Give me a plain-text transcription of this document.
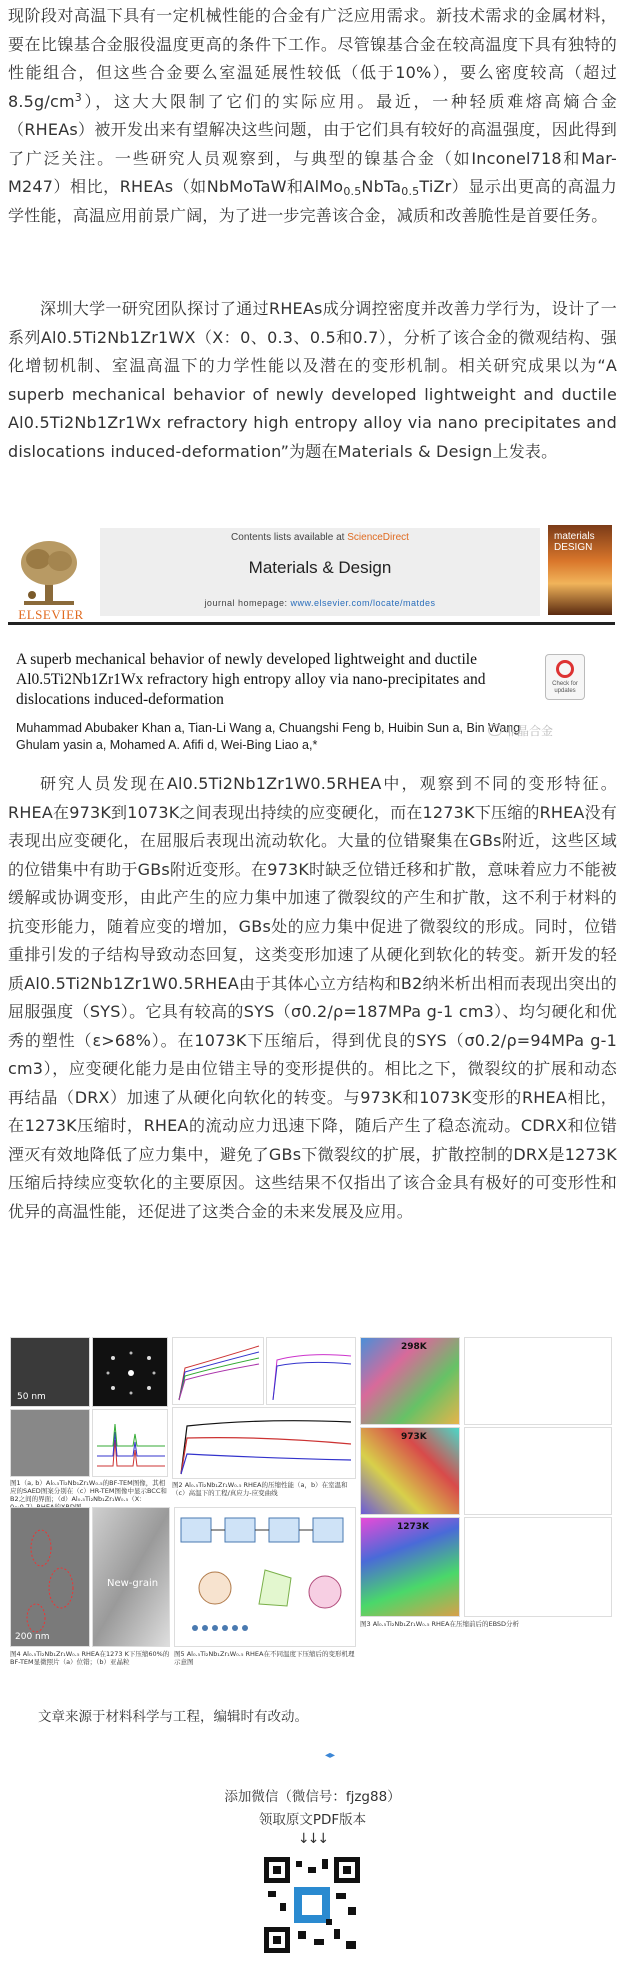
现阶段对高温下具有一定机械性能的合金有广泛应用需求。新技术需求的金属材料，要在比镍基合金服役温度更高的条件下工作。尽管镍基合金在较高温度下具有独特的性能组合，但这些合金要么室温延展性较低（低于10%），要么密度较高（超过$8.5g/cm^3$），这大大限制了它们的实际应用。最近，一种轻质难熔高熵合金（RHEAs）被开发出来有望解决这些问题，由于它们具有较好的高温强度，因此得到了广泛关注。一些研究人员观察到，与典型的镍基合金（如Inconel718和Mar-M247）相比，RHEAs（如NbMoTaW和AlMo$_{0.5}$NbTa$_{0.5}$TiZr）显示出更高的高温力学性能，高温应用前景广阔，为了进一步完善该合金，减质和改善脆性是首要任务。

深圳大学一研究团队探讨了通过RHEAs成分调控密度并改善力学行为，设计了一系列Al0.5Ti2Nb1Zr1WX（X：0、0.3、0.5和0.7），分析了该合金的微观结构、强化增韧机制、室温高温下的力学性能以及潜在的变形机制。相关研究成果以为“A superb mechanical behavior of newly developed lightweight and ductile Al0.5Ti2Nb1Zr1Wx refractory high entropy alloy via nano precipitates and dislocations induced-deformation”为题在Materials & Design上发表。

ELSEVIER
Contents lists available at ScienceDirect
Materials & Design
journal homepage: www.elsevier.com/locate/matdes
materials DESIGN

A superb mechanical behavior of newly developed lightweight and ductile Al0.5Ti2Nb1Zr1Wx refractory high entropy alloy via nano-precipitates and dislocations induced-deformation

Check for updates

Muhammad Abubaker Khan a, Tian-Li Wang a, Chuangshi Feng b, Huibin Sun a, Bin Wang
Ghulam yasin a, Mohamed A. Afifi d, Wei-Bing Liao a,*

非晶合金

研究人员发现在Al0.5Ti2Nb1Zr1W0.5RHEA中，观察到不同的变形特征。RHEA在973K到1073K之间表现出持续的应变硬化，而在1273K下压缩的RHEA没有表现出应变硬化，在屈服后表现出流动软化。大量的位错聚集在GBs附近，这些区域的位错集中有助于GBs附近变形。在973K时缺乏位错迁移和扩散，意味着应力不能被缓解或协调变形，由此产生的应力集中加速了微裂纹的产生和扩散，这不利于材料的抗变形能力，随着应变的增加，GBs处的应力集中促进了微裂纹的形成。同时，位错重排引发的子结构导致动态回复，这类变形加速了从硬化到软化的转变。新开发的轻质Al0.5Ti2Nb1Zr1W0.5RHEA由于其体心立方结构和B2纳米析出相而表现出突出的屈服强度（SYS）。它具有较高的SYS（σ0.2/ρ=187MPa g-1 cm3）、均匀硬化和优秀的塑性（ε>68%）。在1073K下压缩后，得到优良的SYS（σ0.2/ρ=94MPa g-1 cm3），应变硬化能力是由位错主导的变形提供的。相比之下，微裂纹的扩展和动态再结晶（DRX）加速了从硬化向软化的转变。与973K和1073K变形的RHEA相比，在1273K压缩时，RHEA的流动应力迅速下降，随后产生了稳态流动。CDRX和位错湮灭有效地降低了应力集中，避免了GBs下微裂纹的扩展，扩散控制的DRX是1273K压缩后持续应变软化的主要原因。这些结果不仅指出了该合金具有极好的可变形性和优异的高温性能，还促进了这类合金的未来发展及应用。

50 nm
图1（a, b）Al₀.₅Ti₂Nb₁Zr₁W₀.₅的BF-TEM图像，其相应的SAED图案分别在（c）HR-TEM图像中显示BCC和B2之间的界面；（d）Al₀.₅Ti₂Nb₁Zr₁W₀.₅（X：
图2 Al₀.₅Ti₂Nb₁Zr₁W₀.₅ RHEA的压缩性能（a，b）在室温和（c）高温下的工程/真应力-应变曲线
298K
973K
1273K
图3 Al₀.₅Ti₂Nb₁Zr₁W₀.₅ RHEA在压缩前后的EBSD分析
200 nm
New-grain
图4 Al₀.₅Ti₂Nb₁Zr₁W₀.₅ RHEA在1273 K下压缩60%的BF-TEM显微照片（a）位错；（b）亚晶粒
图5 Al₀.₅Ti₂Nb₁Zr₁W₀.₅ RHEA在不同温度下压缩后的变形机理示意图

文章来源于材料科学与工程，编辑时有改动。

◂▸
添加微信（微信号：fjzg88）
领取原文PDF版本
↓↓↓
